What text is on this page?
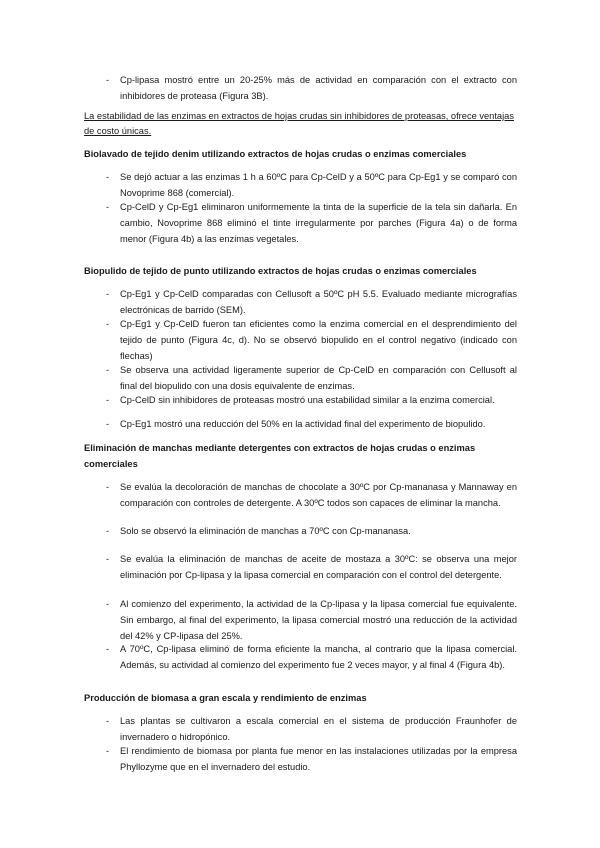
-	Cp-lipasa mostró entre un 20-25% más de actividad en comparación con el extracto con inhibidores de proteasa (Figura 3B).
La estabilidad de las enzimas en extractos de hojas crudas sin inhibidores de proteasas, ofrece ventajas de costo únicas.
Biolavado de tejido denim utilizando extractos de hojas crudas o enzimas comerciales
-	Se dejó actuar a las enzimas 1 h a 60ºC para Cp-CelD y a 50ºC para Cp-Eg1 y se comparó con Novoprime 868 (comercial).
-	Cp-CelD y Cp-Eg1 eliminaron uniformemente la tinta de la superficie de la tela sin dañarla. En cambio, Novoprime 868 eliminó el tinte irregularmente por parches (Figura 4a) o de forma menor (Figura 4b) a las enzimas vegetales.
Biopulido de tejido de punto utilizando extractos de hojas crudas o enzimas comerciales
-	Cp-Eg1 y Cp-CelD comparadas con Cellusoft a 50ºC pH 5.5. Evaluado mediante micrografías electrónicas de barrido (SEM).
-	Cp-Eg1 y Cp-CelD fueron tan eficientes como la enzima comercial en el desprendimiento del tejido de punto (Figura 4c, d). No se observó biopulido en el control negativo (indicado con flechas)
-	Se observa una actividad ligeramente superior de Cp-CelD en comparación con Cellusoft al final del biopulido con una dosis equivalente de enzimas.
-	Cp-CelD sin inhibidores de proteasas mostró una estabilidad similar a la enzima comercial.
-	Cp-Eg1 mostró una reducción del 50% en la actividad final del experimento de biopulido.
Eliminación de manchas mediante detergentes con extractos de hojas crudas o enzimas comerciales
-	Se evalúa la decoloración de manchas de chocolate a 30ºC por Cp-mananasa y Mannaway en comparación con controles de detergente. A 30ºC todos son capaces de eliminar la mancha.
-	Solo se observó la eliminación de manchas a 70ºC con Cp-mananasa.
-	Se evalúa la eliminación de manchas de aceite de mostaza a 30ºC: se observa una mejor eliminación por Cp-lipasa y la lipasa comercial en comparación con el control del detergente.
-	Al comienzo del experimento, la actividad de la Cp-lipasa y la lipasa comercial fue equivalente. Sin embargo, al final del experimento, la lipasa comercial mostró una reducción de la actividad del 42% y CP-lipasa del 25%.
-	A 70ºC, Cp-lipasa eliminó de forma eficiente la mancha, al contrario que la lipasa comercial. Además, su actividad al comienzo del experimento fue 2 veces mayor, y al final 4 (Figura 4b).
Producción de biomasa a gran escala y rendimiento de enzimas
-	Las plantas se cultivaron a escala comercial en el sistema de producción Fraunhofer de invernadero o hidropónico.
-	El rendimiento de biomasa por planta fue menor en las instalaciones utilizadas por la empresa Phyllozyme que en el invernadero del estudio.
